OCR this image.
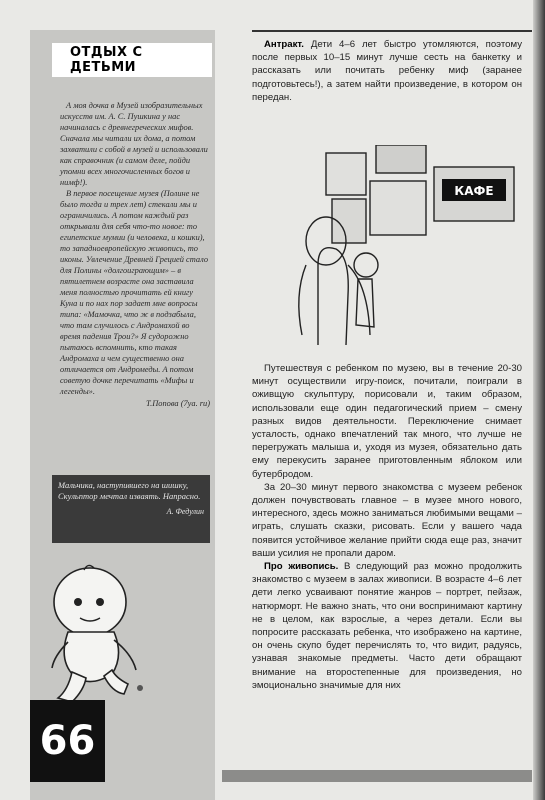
ОТДЫХ С ДЕТЬМИ

А моя дочка в Музей изобразительных искусств им. А. С. Пушкина у нас начиналась с древнегреческих мифов. Сначала мы читали их дома, а потом захватили с собой в музей и использовали как справочник (и самом деле, пойди упомни всех многочисленных богов и нимф!).

В первое посещение музея (Полине не было тогда и трех лет) стекали мы и ограничились. А потом каждый раз открывали для себя что-то новое: то египетские мумии (и человека, и кошки), то западноевропейскую живопись, то иконы. Увлечение Древней Грецией стало для Полины «долгоиграющим» – в пятилетнем возрасте она заставила меня полностью прочитать ей книгу Куна и по нах пор задает мне вопросы типа: «Мамочка, что ж в подзабыла, что там случилось с Андромахой во время падения Трои?» Я судорожно пытаюсь вспомнить, кто такая Андромаха и чем существенно она отличается от Андромеды. А потом советую дочке перечитать «Мифы и легенды».

Т.Попова (7уа. ru)
Мальчика, наступившего на шишку, Скульптор мечтал изваять. Напрасно.
А. Федулин
66

Антракт. Дети 4–6 лет быстро утомляются, поэтому после первых 10–15 минут лучше сесть на банкетку и рассказать или почитать ребенку миф (заранее подготовьтесь!), а затем найти произведение, в котором он передан.

КАФЕ

Путешествуя с ребенком по музею, вы в течение 20-30 минут осуществили игру-поиск, почитали, поиграли в оживщую скульптуру, порисовали и, таким образом, использовали еще один педагогический прием – смену разных видов деятельности. Переключение снимает усталость, однако впечатлений так много, что лучше не перегружать малыша и, уходя из музея, обязательно дать ему перекусить заранее приготовленным яблоком или бутербродом.

За 20–30 минут первого знакомства с музеем ребенок должен почувствовать главное – в музее много нового, интересного, здесь можно заниматься любимыми вещами – играть, слушать сказки, рисовать. Если у вашего чада появится устойчивое желание прийти сюда еще раз, значит ваши усилия не пропали даром.

Про живопись. В следующий раз можно продолжить знакомство с музеем в залах живописи. В возрасте 4–6 лет дети легко усваивают понятие жанров – портрет, пейзаж, натюрморт. Не важно знать, что они воспринимают картину не в целом, как взрослые, а через детали. Если вы попросите рассказать ребенка, что изображено на картине, он очень скупо будет перечислять то, что видит, радуясь, узнавая знакомые предметы. Часто дети обращают внимание на второстепенные для произведения, но эмоционально значимые для них
